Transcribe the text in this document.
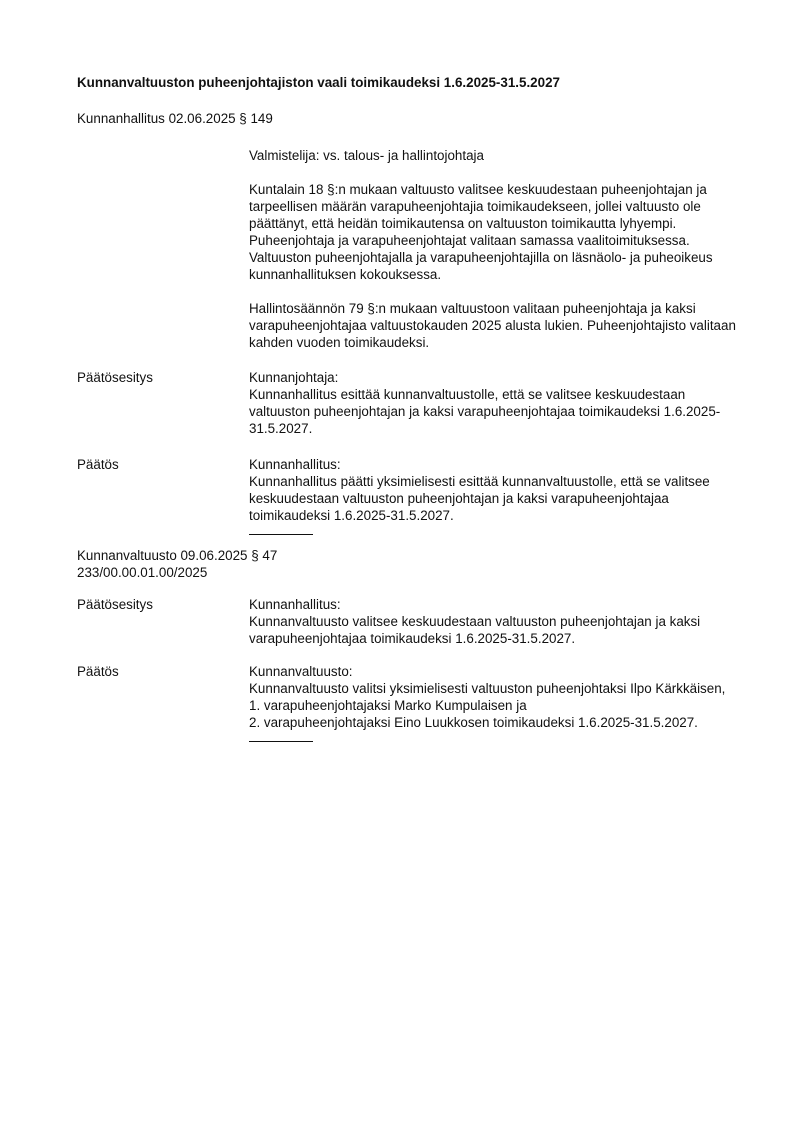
Kunnanvaltuuston puheenjohtajiston vaali toimikaudeksi 1.6.2025-31.5.2027

Kunnanhallitus 02.06.2025 § 149

Valmistelija: vs. talous- ja hallintojohtaja

Kuntalain 18 §:n mukaan valtuusto valitsee keskuudestaan puheenjohtajan ja tarpeellisen määrän varapuheenjohtajia toimikaudekseen, jollei valtuusto ole päättänyt, että heidän toimikautensa on valtuuston toimikautta lyhyempi. Puheenjohtaja ja varapuheenjohtajat valitaan samassa vaalitoimituksessa. Valtuuston puheenjohtajalla ja varapuheenjohtajilla on läsnäolo- ja puheoikeus kunnanhallituksen kokouksessa.

Hallintosäännön 79 §:n mukaan valtuustoon valitaan puheenjohtaja ja kaksi varapuheenjohtajaa valtuustokauden 2025 alusta lukien. Puheenjohtajisto valitaan kahden vuoden toimikaudeksi.

Päätösesitys	Kunnanjohtaja:

Kunnanhallitus esittää kunnanvaltuustolle, että se valitsee keskuudestaan valtuuston puheenjohtajan ja kaksi varapuheenjohtajaa toimikaudeksi 1.6.2025-31.5.2027.

Päätös	Kunnanhallitus:

Kunnanhallitus päätti yksimielisesti esittää kunnanvaltuustolle, että se valitsee keskuudestaan valtuuston puheenjohtajan ja kaksi varapuheenjohtajaa toimikaudeksi 1.6.2025-31.5.2027.

Kunnanvaltuusto 09.06.2025 § 47

233/00.00.01.00/2025

Päätösesitys	Kunnanhallitus:

Kunnanvaltuusto valitsee keskuudestaan valtuuston puheenjohtajan ja kaksi varapuheenjohtajaa toimikaudeksi 1.6.2025-31.5.2027.

Päätös	Kunnanvaltuusto:

Kunnanvaltuusto valitsi yksimielisesti valtuuston puheenjohtaksi Ilpo Kärkkäisen, 1. varapuheenjohtajaksi Marko Kumpulaisen ja

2. varapuheenjohtajaksi Eino Luukkosen toimikaudeksi 1.6.2025-31.5.2027.
